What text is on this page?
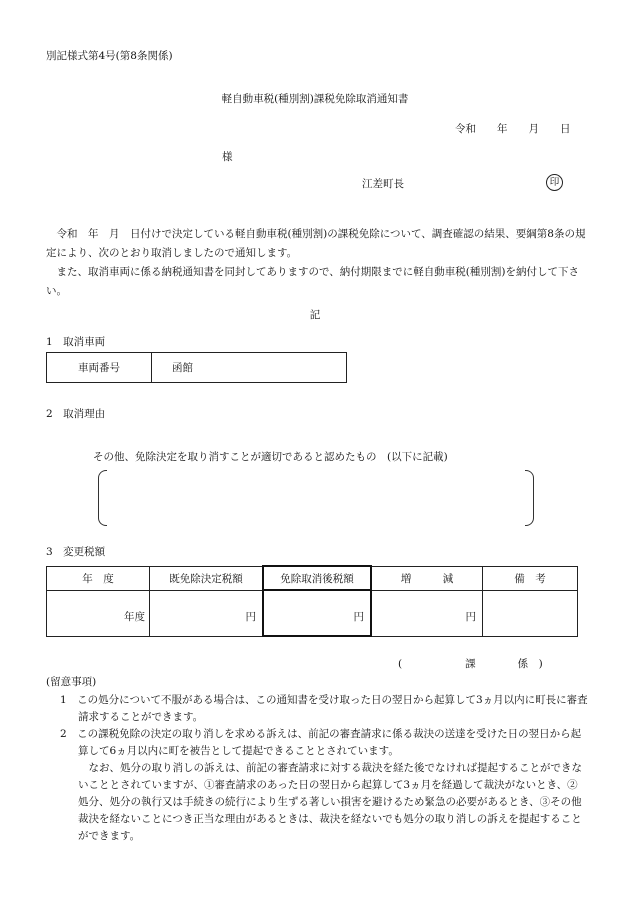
別記様式第4号(第8条関係)
軽自動車税(種別割)課税免除取消通知書
令和　　年　　月　　日
様
江差町長	印

令和　年　月　日付けで決定している軽自動車税(種別割)の課税免除について、調査確認の結果、要綱第8条の規定により、次のとおり取消しましたので通知します。

また、取消車両に係る納税通知書を同封してありますので、納付期限までに軽自動車税(種別割)を納付して下さい。

記
1　取消車両
車両番号	函館
2　取消理由
その他、免除決定を取り消すことが適切であると認めたもの　(以下に記載)
3　変更税額
年　度	既免除決定税額	免除取消後税額	増　　　減	備　考
年度	円	円	円	
(　　　　　　課　　　　係　)
(留意事項)
1　この処分について不服がある場合は、この通知書を受け取った日の翌日から起算して3ヵ月以内に町長に審査請求することができます。
2　この課税免除の決定の取り消しを求める訴えは、前記の審査請求に係る裁決の送達を受けた日の翌日から起算して6ヵ月以内に町を被告として提起できることとされています。
なお、処分の取り消しの訴えは、前記の審査請求に対する裁決を経た後でなければ提起することができないこととされていますが、①審査請求のあった日の翌日から起算して3ヵ月を経過して裁決がないとき、②処分、処分の執行又は手続きの続行により生ずる著しい損害を避けるため緊急の必要があるとき、③その他裁決を経ないことにつき正当な理由があるときは、裁決を経ないでも処分の取り消しの訴えを提起することができます。
